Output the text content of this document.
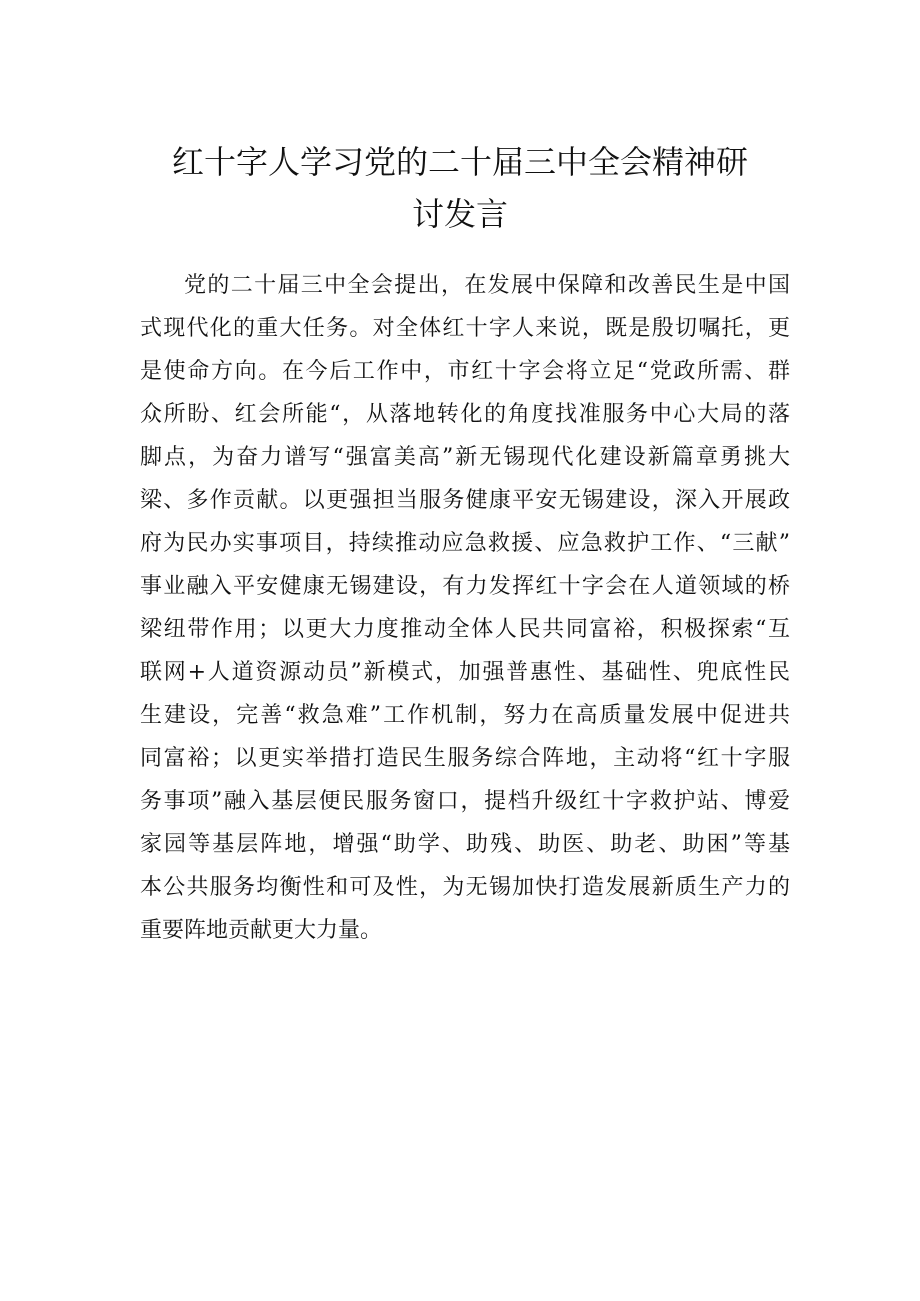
红十字人学习党的二十届三中全会精神研
讨发言
党的二十届三中全会提出，在发展中保障和改善民生是中国
式现代化的重大任务。对全体红十字人来说，既是殷切嘱托，更
是使命方向。在今后工作中，市红十字会将立足“党政所需、群
众所盼、红会所能“，从落地转化的角度找准服务中心大局的落
脚点，为奋力谱写“强富美高”新无锡现代化建设新篇章勇挑大
梁、多作贡献。以更强担当服务健康平安无锡建设，深入开展政
府为民办实事项目，持续推动应急救援、应急救护工作、“三献”
事业融入平安健康无锡建设，有力发挥红十字会在人道领域的桥
梁纽带作用；以更大力度推动全体人民共同富裕，积极探索“互
联网+人道资源动员”新模式，加强普惠性、基础性、兜底性民
生建设，完善“救急难”工作机制，努力在高质量发展中促进共
同富裕；以更实举措打造民生服务综合阵地，主动将“红十字服
务事项”融入基层便民服务窗口，提档升级红十字救护站、博爱
家园等基层阵地，增强“助学、助残、助医、助老、助困”等基
本公共服务均衡性和可及性，为无锡加快打造发展新质生产力的
重要阵地贡献更大力量。
